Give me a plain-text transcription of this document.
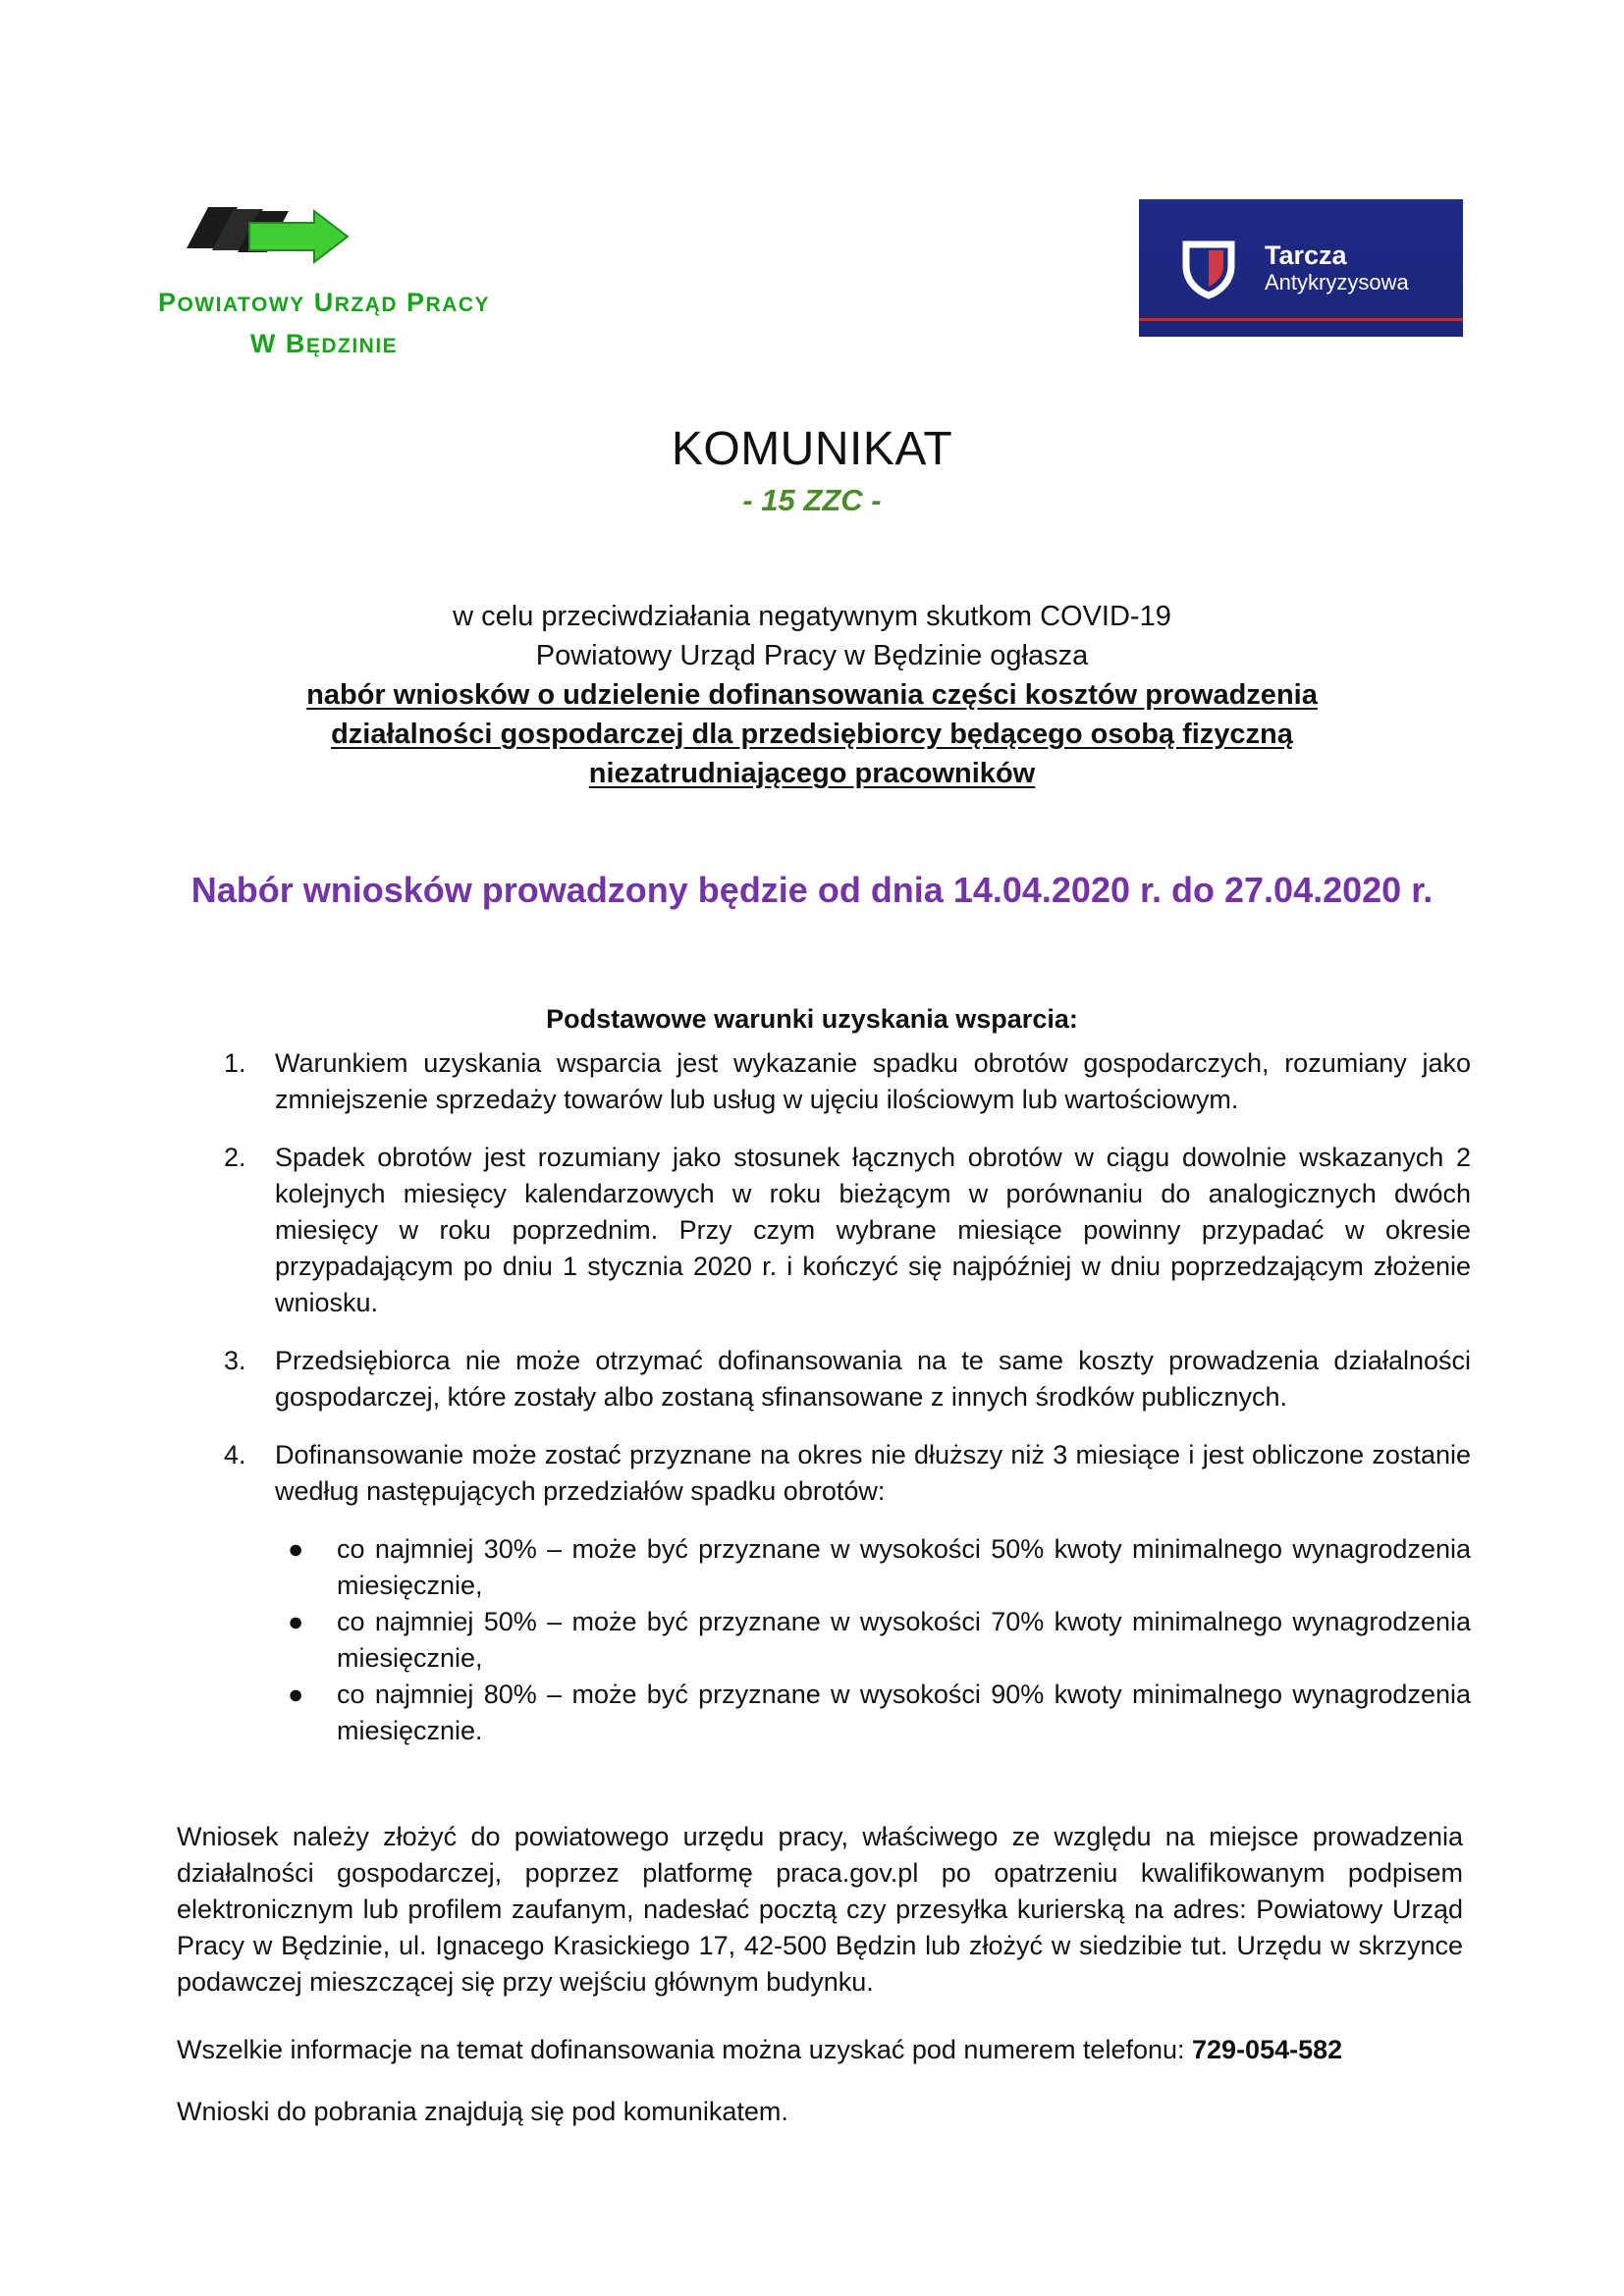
POWIATOWY URZĄD PRACY
W BĘDZINIE
Tarcza
Antykryzysowa
KOMUNIKAT
- 15 ZZC -
w celu przeciwdziałania negatywnym skutkom COVID-19
Powiatowy Urząd Pracy w Będzinie ogłasza
nabór wniosków o udzielenie dofinansowania części kosztów prowadzenia
działalności gospodarczej dla przedsiębiorcy będącego osobą fizyczną
niezatrudniającego pracowników
Nabór wniosków prowadzony będzie od dnia 14.04.2020 r. do 27.04.2020 r.
Podstawowe warunki uzyskania wsparcia:
1. Warunkiem uzyskania wsparcia jest wykazanie spadku obrotów gospodarczych, rozumiany jako zmniejszenie sprzedaży towarów lub usług w ujęciu ilościowym lub wartościowym.
2. Spadek obrotów jest rozumiany jako stosunek łącznych obrotów w ciągu dowolnie wskazanych 2 kolejnych miesięcy kalendarzowych w roku bieżącym w porównaniu do analogicznych dwóch miesięcy w roku poprzednim. Przy czym wybrane miesiące powinny przypadać w okresie przypadającym po dniu 1 stycznia 2020 r. i kończyć się najpóźniej w dniu poprzedzającym złożenie wniosku.
3. Przedsiębiorca nie może otrzymać dofinansowania na te same koszty prowadzenia działalności gospodarczej, które zostały albo zostaną sfinansowane z innych środków publicznych.
4. Dofinansowanie może zostać przyznane na okres nie dłuższy niż 3 miesiące i jest obliczone zostanie według następujących przedziałów spadku obrotów:
● co najmniej 30% – może być przyznane w wysokości 50% kwoty minimalnego wynagrodzenia miesięcznie,
● co najmniej 50% – może być przyznane w wysokości 70% kwoty minimalnego wynagrodzenia miesięcznie,
● co najmniej 80% – może być przyznane w wysokości 90% kwoty minimalnego wynagrodzenia miesięcznie.
Wniosek należy złożyć do powiatowego urzędu pracy, właściwego ze względu na miejsce prowadzenia działalności gospodarczej, poprzez platformę praca.gov.pl po opatrzeniu kwalifikowanym podpisem elektronicznym lub profilem zaufanym, nadesłać pocztą czy przesyłka kurierską na adres: Powiatowy Urząd Pracy w Będzinie, ul. Ignacego Krasickiego 17, 42-500 Będzin lub złożyć w siedzibie tut. Urzędu w skrzynce podawczej mieszczącej się przy wejściu głównym budynku.
Wszelkie informacje na temat dofinansowania można uzyskać pod numerem telefonu: 729-054-582
Wnioski do pobrania znajdują się pod komunikatem.
